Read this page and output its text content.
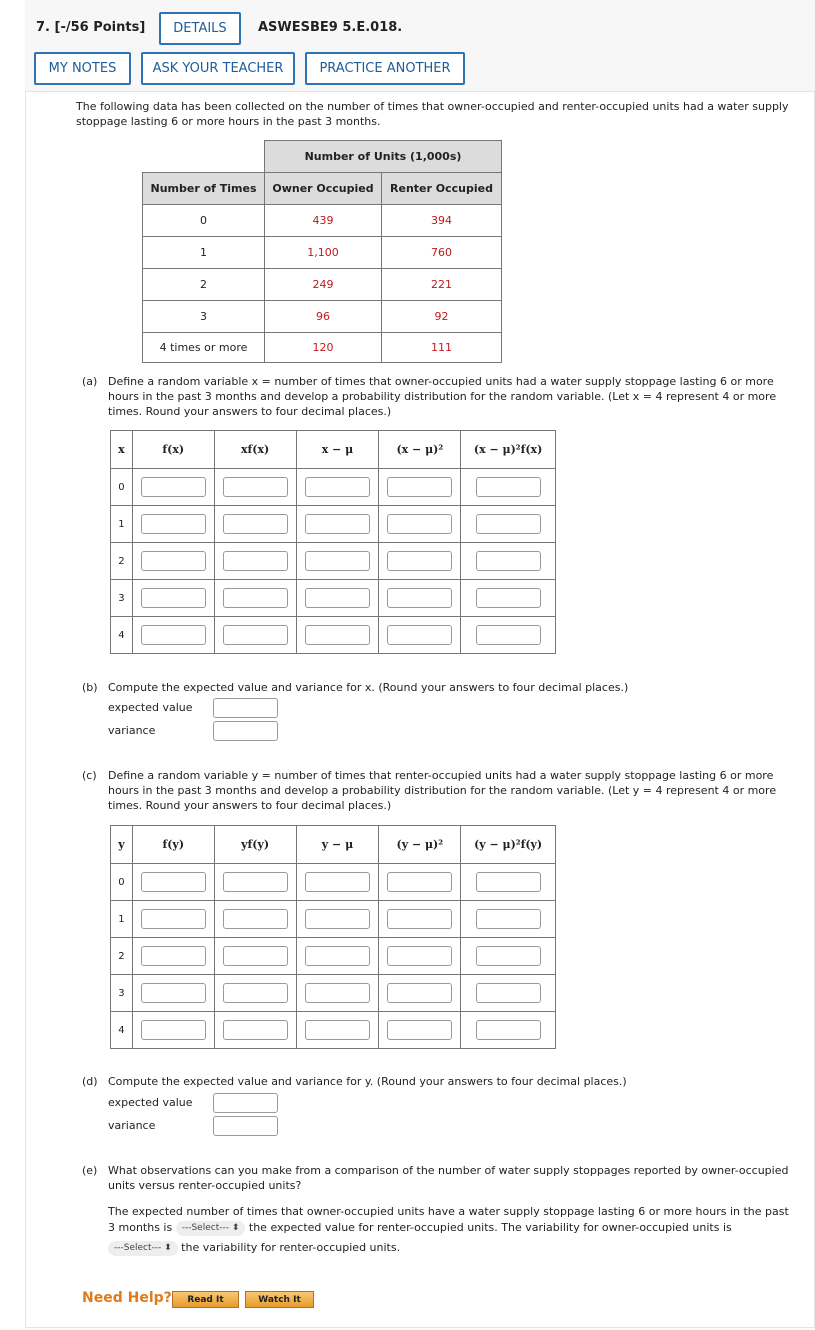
7. [-/56 Points]	DETAILS	ASWESBE9 5.E.018.
MY NOTES	ASK YOUR TEACHER	PRACTICE ANOTHER
The following data has been collected on the number of times that owner-occupied and renter-occupied units had a water supply
stoppage lasting 6 or more hours in the past 3 months.
	Number of Units (1,000s)	
Number of Times	Owner Occupied	Renter Occupied
0	439	394
1	1,100	760
2	249	221
3	96	92
4 times or more	120	111
(a) Define a random variable x = number of times that owner-occupied units had a water supply stoppage lasting 6 or more
hours in the past 3 months and develop a probability distribution for the random variable. (Let x = 4 represent 4 or more
times. Round your answers to four decimal places.)
x	f(x)	xf(x)	x − μ	(x − μ)²	(x − μ)²f(x)
0					
1					
2					
3					
4					
(b) Compute the expected value and variance for x. (Round your answers to four decimal places.)
expected value
variance
(c) Define a random variable y = number of times that renter-occupied units had a water supply stoppage lasting 6 or more
hours in the past 3 months and develop a probability distribution for the random variable. (Let y = 4 represent 4 or more
times. Round your answers to four decimal places.)
y	f(y)	yf(y)	y − μ	(y − μ)²	(y − μ)²f(y)
0					
1					
2					
3					
4					
(d) Compute the expected value and variance for y. (Round your answers to four decimal places.)
expected value
variance
(e) What observations can you make from a comparison of the number of water supply stoppages reported by owner-occupied
units versus renter-occupied units?
The expected number of times that owner-occupied units have a water supply stoppage lasting 6 or more hours in the past
3 months is ---Select---
⬍ the expected value for renter-occupied units. The variability for owner-occupied units is
---Select---
⬍ the variability for renter-occupied units.
Need Help?	Read It	Watch It
